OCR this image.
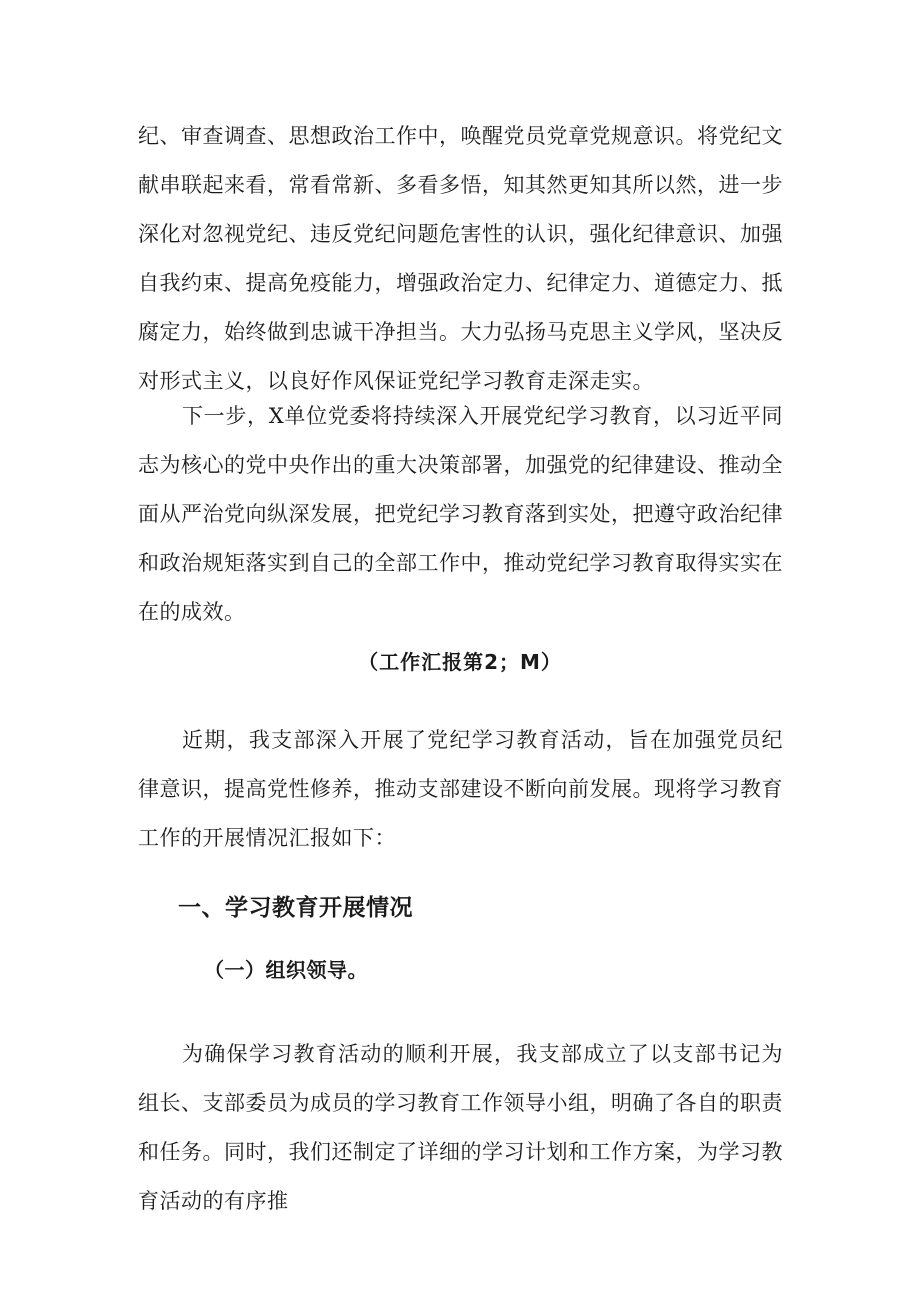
纪、审查调查、思想政治工作中，唤醒党员党章党规意识。将党纪文献串联起来看，常看常新、多看多悟，知其然更知其所以然，进一步深化对忽视党纪、违反党纪问题危害性的认识，强化纪律意识、加强自我约束、提高免疫能力，增强政治定力、纪律定力、道德定力、抵腐定力，始终做到忠诚干净担当。大力弘扬马克思主义学风，坚决反对形式主义，以良好作风保证党纪学习教育走深走实。

下一步，X单位党委将持续深入开展党纪学习教育，以习近平同志为核心的党中央作出的重大决策部署，加强党的纪律建设、推动全面从严治党向纵深发展，把党纪学习教育落到实处，把遵守政治纪律和政治规矩落实到自己的全部工作中，推动党纪学习教育取得实实在在的成效。

（工作汇报第2；M）

近期，我支部深入开展了党纪学习教育活动，旨在加强党员纪律意识，提高党性修养，推动支部建设不断向前发展。现将学习教育工作的开展情况汇报如下：

一、学习教育开展情况
（一）组织领导。

为确保学习教育活动的顺利开展，我支部成立了以支部书记为组长、支部委员为成员的学习教育工作领导小组，明确了各自的职责和任务。同时，我们还制定了详细的学习计划和工作方案，为学习教育活动的有序推
